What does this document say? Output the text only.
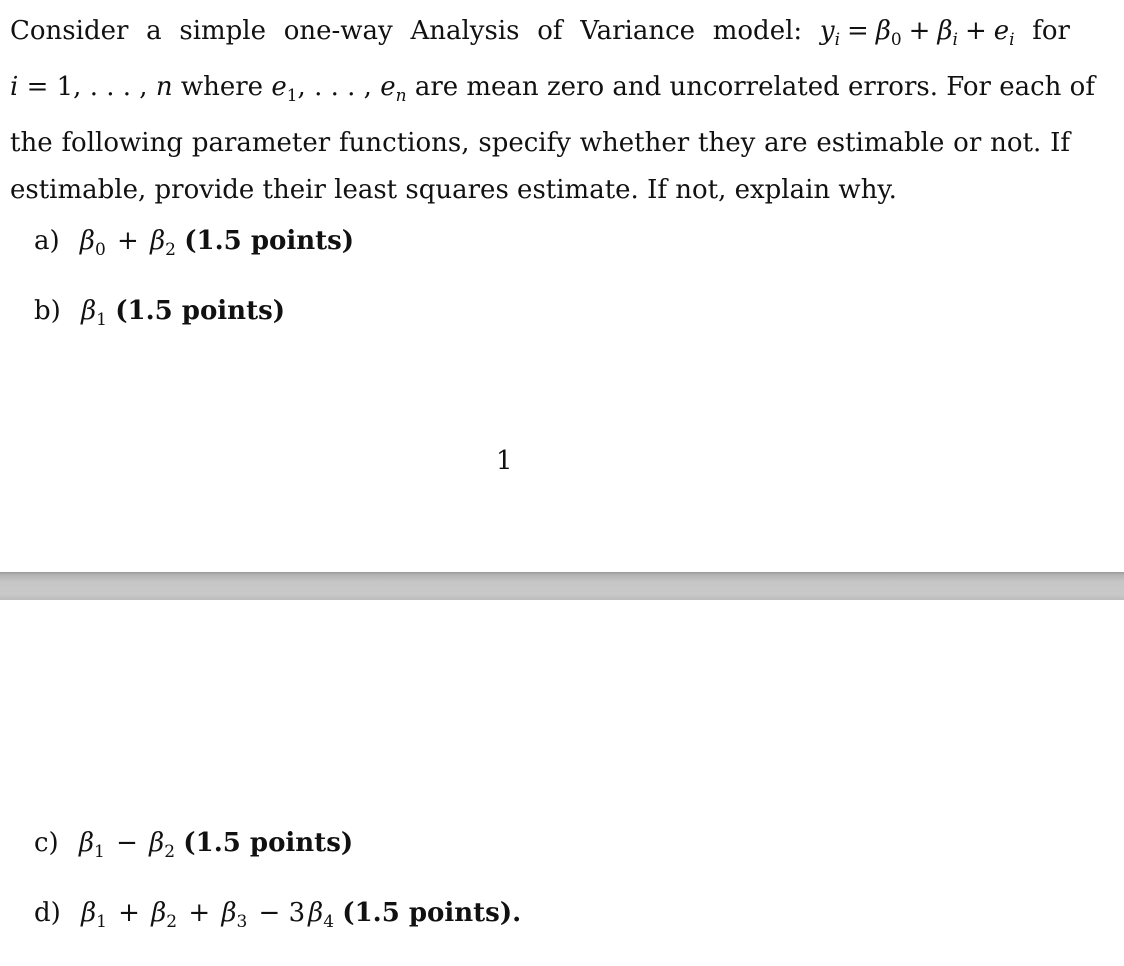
Consider a simple one-way Analysis of Variance model: $y_i = \beta_0 + \beta_i + e_i$ for
i = 1, . . . , n where $e_1$, . . . , $e_n$ are mean zero and uncorrelated errors. For each of
the following parameter functions, specify whether they are estimable or not. If
estimable, provide their least squares estimate. If not, explain why.
a) $\beta_0 + \beta_2$ (1.5 points)
b) $\beta_1$ (1.5 points)
1
c) $\beta_1 - \beta_2$ (1.5 points)
d) $\beta_1 + \beta_2 + \beta_3 - 3$ $\beta_4$ (1.5 points).
